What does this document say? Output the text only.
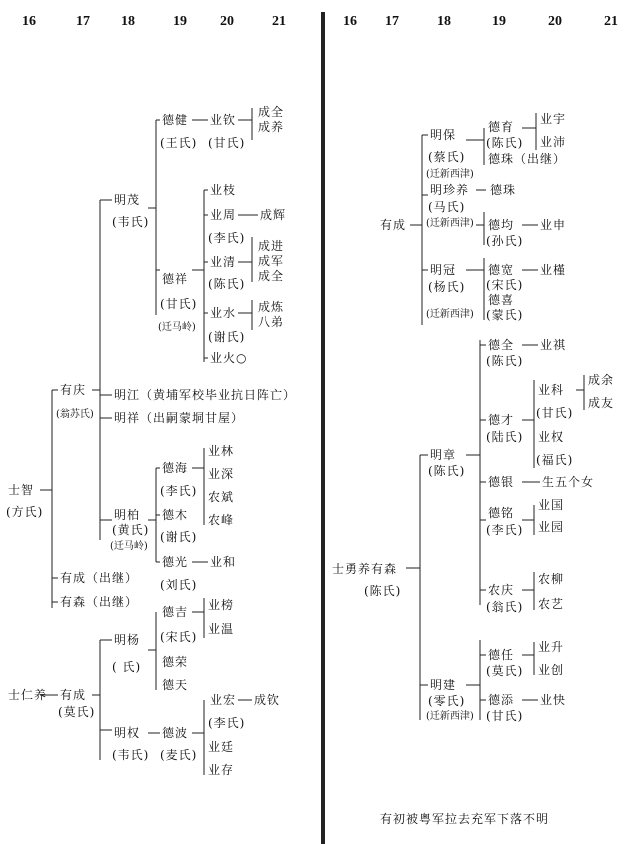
16	17 18	19 20	21	16 17	18	19	20	21
士智
(方氏)
有庆
(翁苏氏)
明茂
(韦氏)
德健
(王氏)
业钦
(甘氏)
成全
成养
德祥
(甘氏)
(迁马岭)
业枝
业周
(李氏)
成辉
业清
(陈氏)
成进
成军
成全
业水
(谢氏)
成炼
八弟
业火○
明江（黄埔军校毕业抗日阵亡）
明祥（出嗣蒙垌甘屋）
明柏
(黄氏)
(迁马岭)
德海
(李氏)
业林
业深
农斌
农峰
德木
(谢氏)
德光
(刘氏)
业和
有成（出继）
有森（出继）
士仁养 有成
(莫氏)
明杨
( 氏)
德吉
(宋氏)
业榜
业温
德荣
德天
明权
(韦氏)
德波
(麦氏)
业宏
(李氏)
成钦
业廷
业存
有成
明保
(蔡氏)
(迁新西津)
德育
(陈氏)
业宇
业沛
德珠（出继）
明珍养 德珠
(马氏)
(迁新西津) 德均
(孙氏)
业申
明冠
(杨氏)
(迁新西津)
德宽
(宋氏)
业槿
德喜
(蒙氏)
士勇养有森
(陈氏)
明章
(陈氏)
德全
(陈氏)
业祺
德才
(陆氏)
业科
(甘氏)
成余
成友
业权
(福氏)
德银 生五个女
德铭
(李氏)
业国
业园
农庆
(翁氏)
农柳
农艺
明建
(零氏)
(迁新西津)
德任
(莫氏)
业升
业创
德添
(甘氏)
业快
有初被粤军拉去充军下落不明
